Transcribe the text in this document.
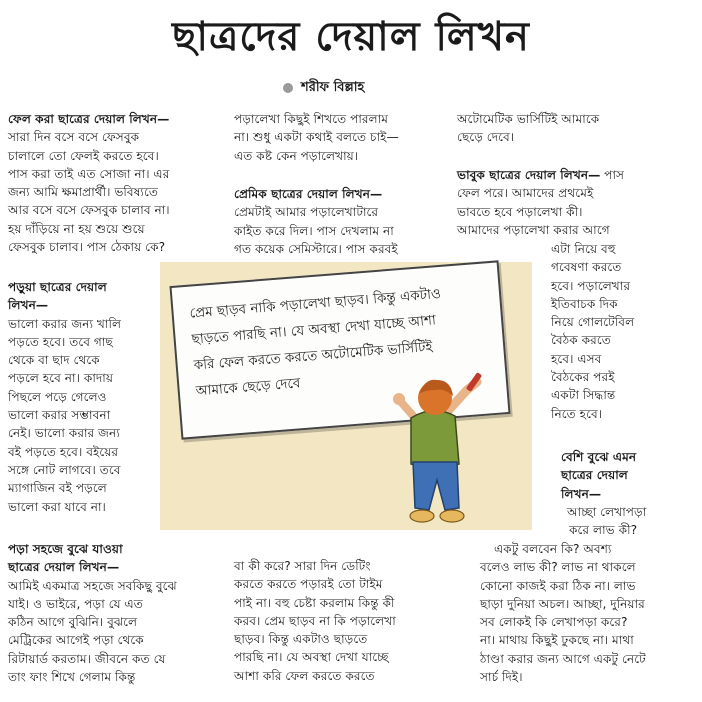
ছাত্রদের দেয়াল লিখন
শরীফ বিল্লাহ

ফেল করা ছাত্রের দেয়াল লিখন—

সারা দিন বসে বসে ফেসবুক

চালালে তো ফেলই করতে হবে।

পাস করা তাই এত সোজা না। এর

জন্য আমি ক্ষমাপ্রার্থী। ভবিষ্যতে

আর বসে বসে ফেসবুক চালাব না।

হয় দাঁড়িয়ে না হয় শুয়ে শুয়ে

ফেসবুক চালাব। পাস ঠেকায় কে?

পড়ুয়া ছাত্রের দেয়াল

লিখন—

ভালো করার জন্য খালি

পড়তে হবে। তবে গাছ

থেকে বা ছাদ থেকে

পড়লে হবে না। কাদায়

পিছলে পড়ে গেলেও

ভালো করার সম্ভাবনা

নেই। ভালো করার জন্য

বই পড়তে হবে। বইয়ের

সঙ্গে নোট লাগবে। তবে

ম্যাগাজিন বই পড়লে

ভালো করা যাবে না।

পড়া সহজে বুঝে যাওয়া

ছাত্রের দেয়াল লিখন—

আমিই একমাত্র সহজে সবকিছু বুঝে

যাই। ও ভাইরে, পড়া যে এত

কঠিন আগে বুঝিনি। বুঝলে

মেট্রিকের আগেই পড়া থেকে

রিটায়ার্ড করতাম। জীবনে কত যে

তাং ফাং শিখে গেলাম কিন্তু

পড়ালেখা কিছুই শিখতে পারলাম

না। শুধু একটা কথাই বলতে চাই—

এত কষ্ট কেন পড়ালেখায়।

প্রেমিক ছাত্রের দেয়াল লিখন—

প্রেমটাই আমার পড়ালেখাটারে

কাইত করে দিল। পাস দেখলাম না

গত কয়েক সেমিস্টারে। পাস করবই

বা কী করে? সারা দিন ডেটিং

করতে করতে পড়ারই তো টাইম

পাই না। বহু চেষ্টা করলাম কিন্তু কী

করব। প্রেম ছাড়ব না কি পড়ালেখা

ছাড়ব। কিন্তু একটাও ছাড়তে

পারছি না। যে অবস্থা দেখা যাচ্ছে

আশা করি ফেল করতে করতে

অটোমেটিক ভার্সিটিই আমাকে

ছেড়ে দেবে।

ভাবুক ছাত্রের দেয়াল লিখন— পাস

ফেল পরে। আমাদের প্রথমেই

ভাবতে হবে পড়ালেখা কী।

আমাদের পড়ালেখা করার আগে

এটা নিয়ে বহু

গবেষণা করতে

হবে। পড়ালেখার

ইতিবাচক দিক

নিয়ে গোলটেবিল

বৈঠক করতে

হবে। এসব

বৈঠকের পরই

একটা সিদ্ধান্ত

নিতে হবে।

বেশি বুঝে এমন

ছাত্রের দেয়াল

লিখন—

আচ্ছা লেখাপড়া

করে লাভ কী?

একটু বলবেন কি? অবশ্য

বলেও লাভ কী? লাভ না থাকলে

কোনো কাজই করা ঠিক না। লাভ

ছাড়া দুনিয়া অচল। আচ্ছা, দুনিয়ার

সব লোকই কি লেখাপড়া করে?

না। মাথায় কিছুই ঢুকছে না। মাথা

ঠাণ্ডা করার জন্য আগে একটু নেটে

সার্চ দিই।

প্রেম ছাড়ব নাকি পড়ালেখা ছাড়ব। কিন্তু একটাও
ছাড়তে পারছি না। যে অবস্থা দেখা যাচ্ছে আশা
করি ফেল করতে করতে অটোমেটিক ভার্সিটিই
আমাকে ছেড়ে দেবে
